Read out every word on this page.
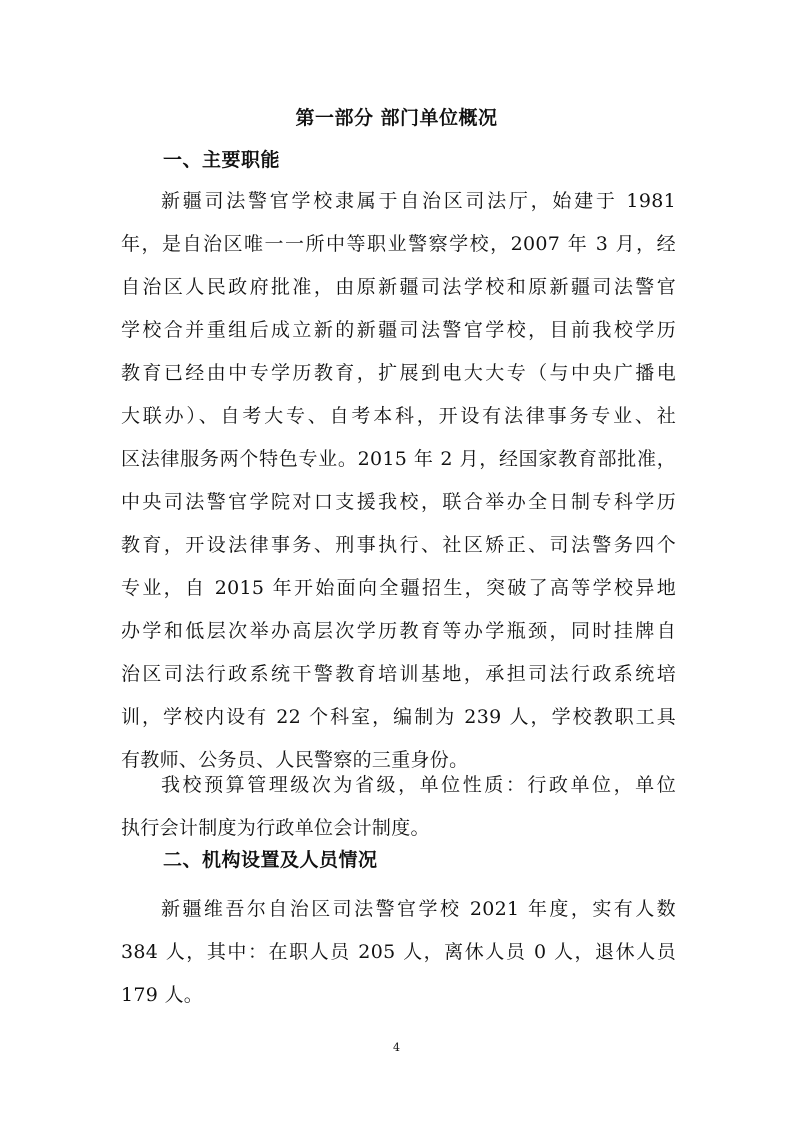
第一部分 部门单位概况
一、主要职能
新疆司法警官学校隶属于自治区司法厅，始建于 1981
年，是自治区唯一一所中等职业警察学校，2007 年 3 月，经
自治区人民政府批准，由原新疆司法学校和原新疆司法警官
学校合并重组后成立新的新疆司法警官学校，目前我校学历
教育已经由中专学历教育，扩展到电大大专（与中央广播电
大联办）、自考大专、自考本科，开设有法律事务专业、社
区法律服务两个特色专业。2015 年 2 月，经国家教育部批准，
中央司法警官学院对口支援我校，联合举办全日制专科学历
教育，开设法律事务、刑事执行、社区矫正、司法警务四个
专业，自 2015 年开始面向全疆招生，突破了高等学校异地
办学和低层次举办高层次学历教育等办学瓶颈，同时挂牌自
治区司法行政系统干警教育培训基地，承担司法行政系统培
训，学校内设有 22 个科室，编制为 239 人，学校教职工具
有教师、公务员、人民警察的三重身份。
我校预算管理级次为省级，单位性质：行政单位，单位
执行会计制度为行政单位会计制度。
二、机构设置及人员情况
新疆维吾尔自治区司法警官学校 2021 年度，实有人数
384 人，其中：在职人员 205 人，离休人员 0 人，退休人员
179 人。
4
